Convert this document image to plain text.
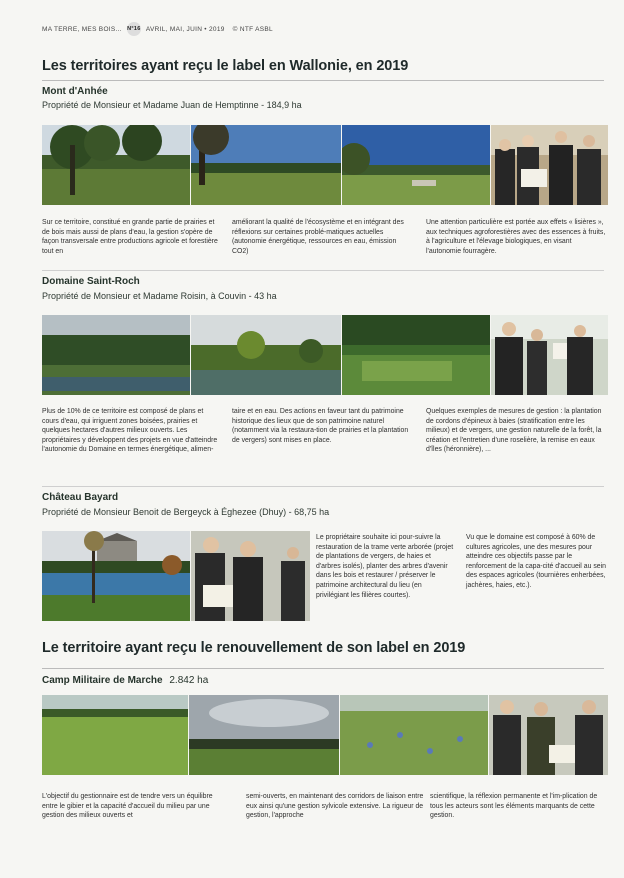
MA TERRE, MES BOIS... N°16 AVRIL, MAI, JUIN • 2019 © NTF ASBL
Les territoires ayant reçu le label en Wallonie, en 2019
Mont d'Anhée
Propriété de Monsieur et Madame Juan de Hemptinne - 184,9 ha

Sur ce territoire, constitué en grande partie de prairies et de bois mais aussi de plans d'eau, la gestion s'opère de façon transversale entre productions agricole et forestière tout en

améliorant la qualité de l'écosystème et en intégrant des réflexions sur certaines problé-matiques actuelles (autonomie énergétique, ressources en eau, émission CO2)

Une attention particulière est portée aux effets « lisières », aux techniques agroforestières avec des essences à fruits, à l'agriculture et l'élevage biologiques, en visant l'autonomie fourragère.

Domaine Saint-Roch
Propriété de Monsieur et Madame Roisin, à Couvin - 43 ha

Plus de 10% de ce territoire est composé de plans et cours d'eau, qui irriguent zones boisées, prairies et quelques hectares d'autres milieux ouverts. Les propriétaires y développent des projets en vue d'atteindre l'autonomie du Domaine en termes énergétique, alimen-

taire et en eau. Des actions en faveur tant du patrimoine historique des lieux que de son patrimoine naturel (notamment via la restaura-tion de prairies et la plantation de vergers) sont mises en place.

Quelques exemples de mesures de gestion : la plantation de cordons d'épineux à baies (stratification entre les milieux) et de vergers, une gestion naturelle de la forêt, la création et l'entretien d'une roselière, la remise en eaux d'îles (héronnière), ...

Château Bayard
Propriété de Monsieur Benoit de Bergeyck à Éghezee (Dhuy) - 68,75 ha

Le propriétaire souhaite ici pour-suivre la restauration de la trame verte arborée (projet de plantations de vergers, de haies et d'arbres isolés), planter des arbres d'avenir dans les bois et restaurer / préserver le patrimoine architectural du lieu (en privilégiant les filières courtes).

Vu que le domaine est composé à 60% de cultures agricoles, une des mesures pour atteindre ces objectifs passe par le renforcement de la capa-cité d'accueil au sein des espaces agricoles (tournières enherbées, jachères, haies, etc.).

Le territoire ayant reçu le renouvellement de son label en 2019
Camp Militaire de Marche 2.842 ha

L'objectif du gestionnaire est de tendre vers un équilibre entre le gibier et la capacité d'accueil du milieu par une gestion des milieux ouverts et

semi-ouverts, en maintenant des corridors de liaison entre eux ainsi qu'une gestion sylvicole extensive. La rigueur de gestion, l'approche

scientifique, la réflexion permanente et l'im-plication de tous les acteurs sont les éléments marquants de cette gestion.
